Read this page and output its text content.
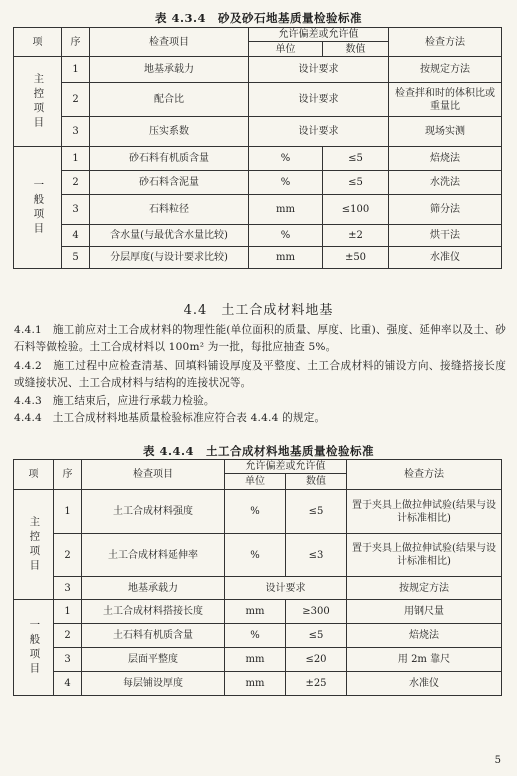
表 4.3.4　砂及砂石地基质量检验标准
项	序	检查项目	允许偏差或允许值		检查方法
			单位	数值	
主控项目	1	地基承载力	设计要求		按规定方法
	2	配合比	设计要求		检查拌和时的体积比或重量比
	3	压实系数	设计要求		现场实测
一般项目	1	砂石料有机质含量	%	≤5	焙烧法
	2	砂石料含泥量	%	≤5	水洗法
	3	石料粒径	mm	≤100	筛分法
	4	含水量(与最优含水量比较)	%	±2	烘干法
	5	分层厚度(与设计要求比较)	mm	±50	水准仪
4.4　土工合成材料地基
4.4.1　施工前应对土工合成材料的物理性能(单位面积的质量、厚度、比重)、强度、延伸率以及土、砂石料等做检验。土工合成材料以 100m² 为一批，每批应抽查 5%。
4.4.2　施工过程中应检查清基、回填料铺设厚度及平整度、土工合成材料的铺设方向、接缝搭接长度或缝接状况、土工合成材料与结构的连接状况等。
4.4.3　施工结束后，应进行承载力检验。
4.4.4　土工合成材料地基质量检验标准应符合表 4.4.4 的规定。
表 4.4.4　土工合成材料地基质量检验标准
项	序	检查项目	允许偏差或允许值		检查方法
			单位	数值	
主控项目	1	土工合成材料强度	%	≤5	置于夹具上做拉伸试验(结果与设计标准相比)
	2	土工合成材料延伸率	%	≤3	置于夹具上做拉伸试验(结果与设计标准相比)
	3	地基承载力	设计要求		按规定方法
一般项目	1	土工合成材料搭接长度	mm	≥300	用钢尺量
	2	土石料有机质含量	%	≤5	焙烧法
	3	层面平整度	mm	≤20	用 2m 靠尺
	4	每层铺设厚度	mm	±25	水准仪
5
